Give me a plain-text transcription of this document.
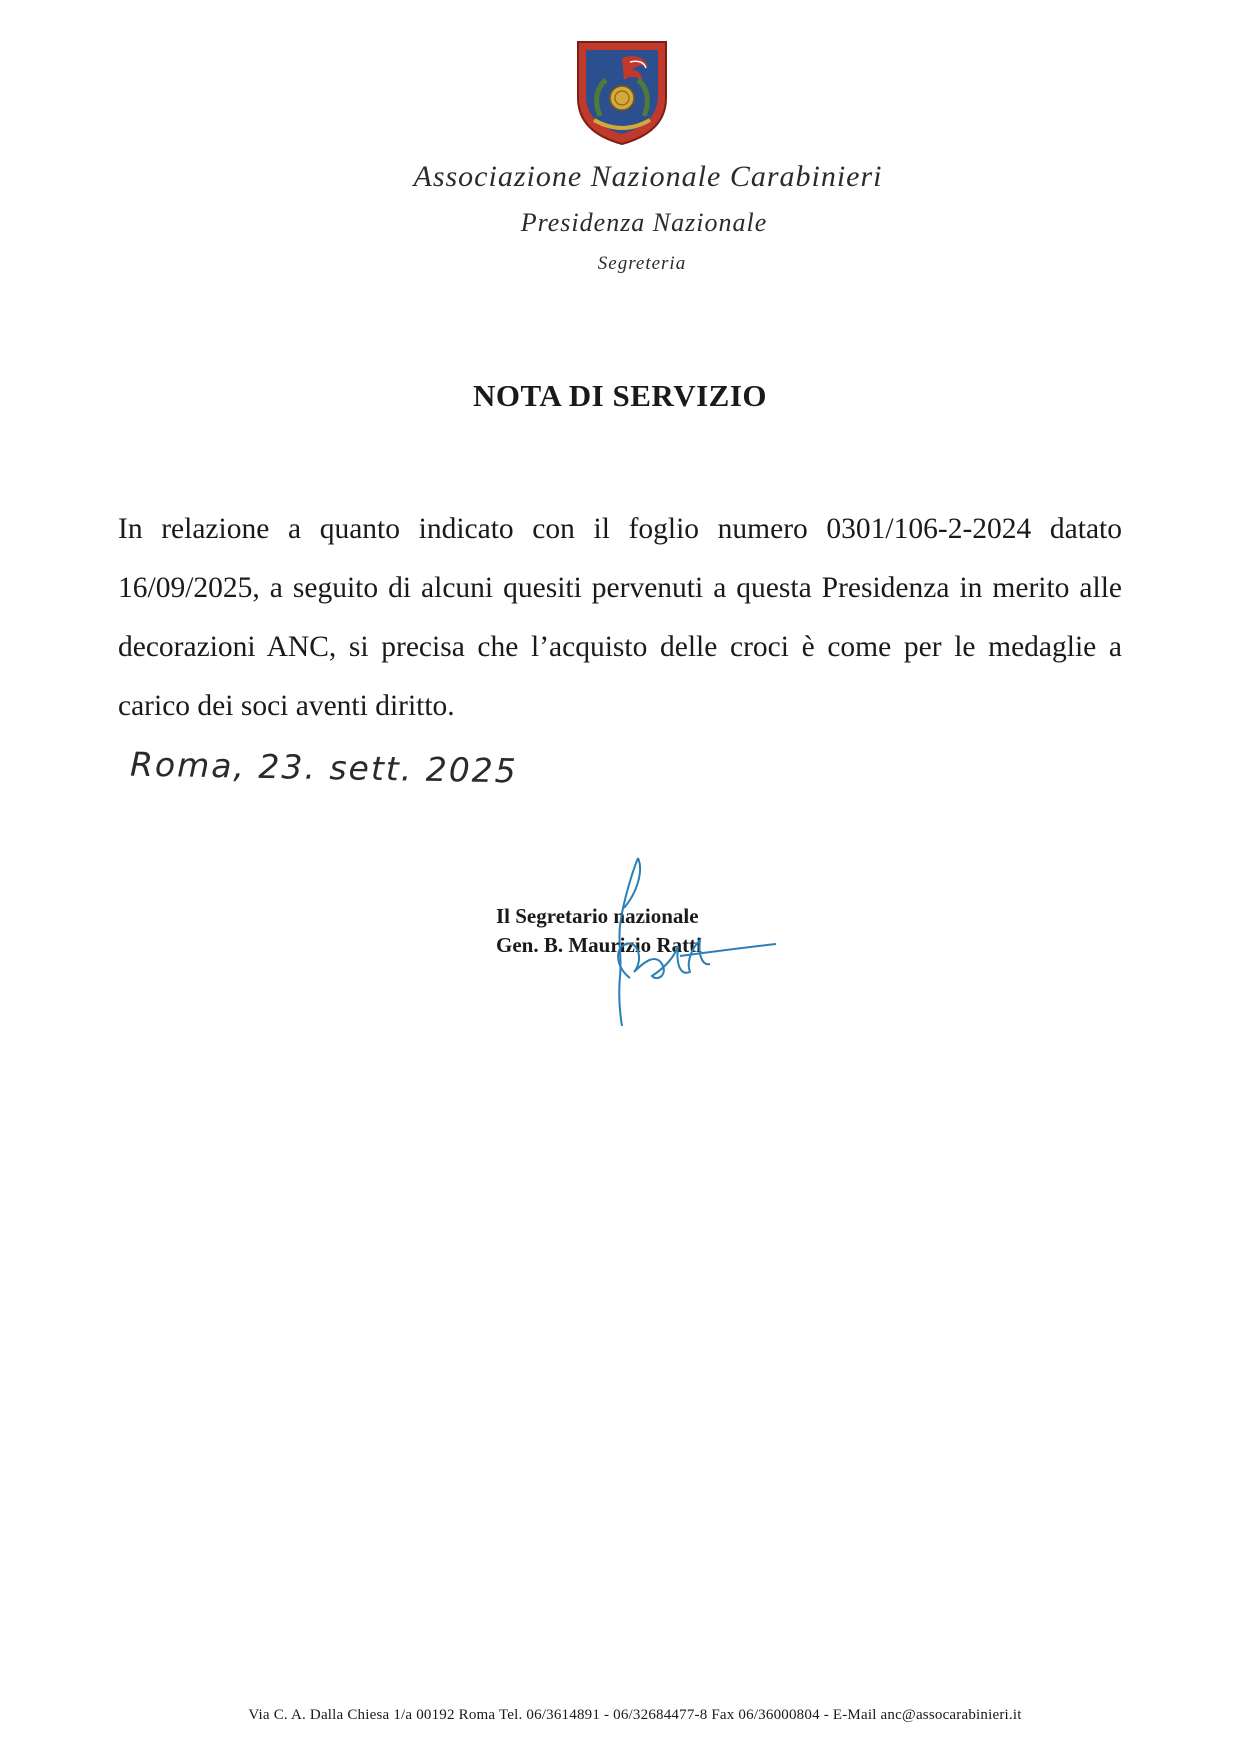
Associazione Nazionale Carabinieri
Presidenza Nazionale
Segreteria
NOTA DI SERVIZIO
In relazione a quanto indicato con il foglio numero 0301/106-2-2024 datato 16/09/2025, a seguito di alcuni quesiti pervenuti a questa Presidenza in merito alle decorazioni ANC, si precisa che l’acquisto delle croci è come per le medaglie a carico dei soci aventi diritto.
Roma, 23. sett. 2025
Il Segretario nazionale
Gen. B. Maurizio Ratti
Via C. A. Dalla Chiesa 1/a 00192 Roma Tel. 06/3614891 - 06/32684477-8 Fax 06/36000804 - E-Mail anc@assocarabinieri.it
